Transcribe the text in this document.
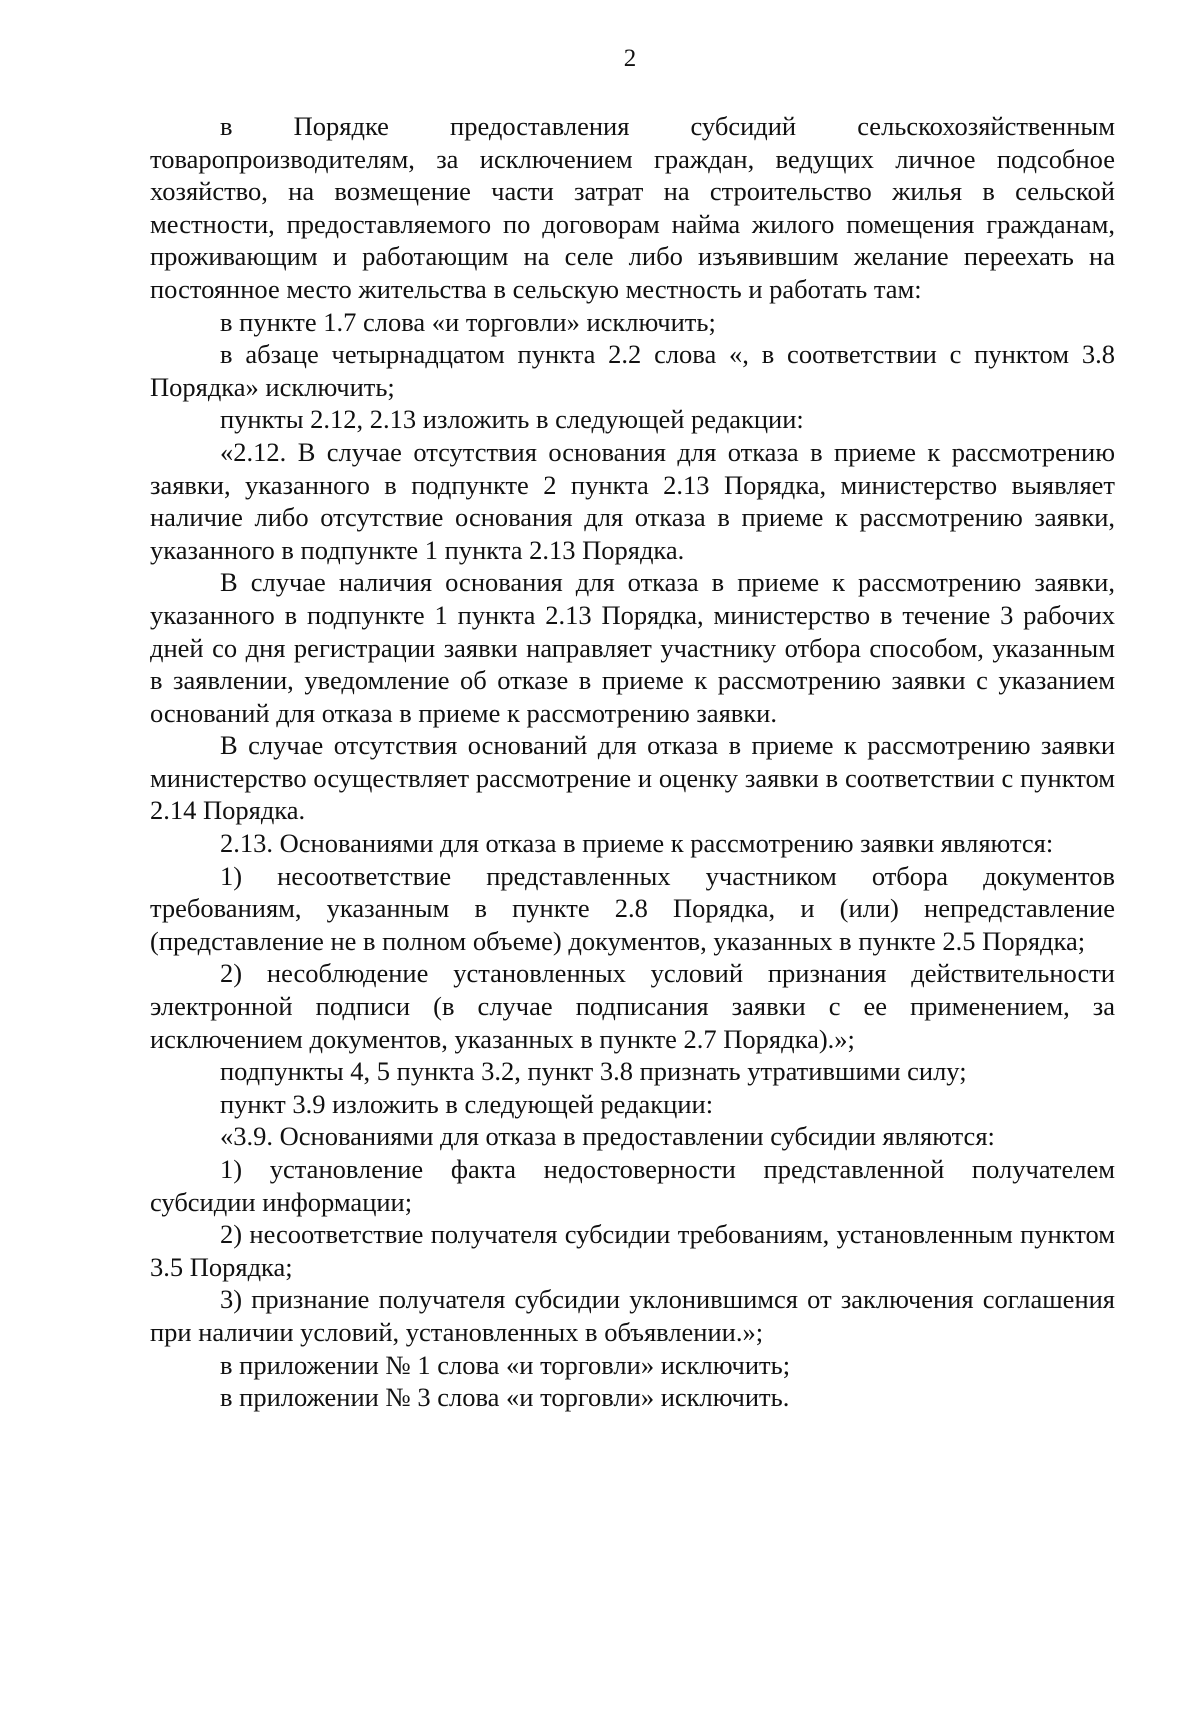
2

в Порядке предоставления субсидий сельскохозяйственным товаропроизводителям, за исключением граждан, ведущих личное подсобное хозяйство, на возмещение части затрат на строительство жилья в сельской местности, предоставляемого по договорам найма жилого помещения гражданам, проживающим и работающим на селе либо изъявившим желание переехать на постоянное место жительства в сельскую местность и работать там:

в пункте 1.7 слова «и торговли» исключить;

в абзаце четырнадцатом пункта 2.2 слова «, в соответствии с пунктом 3.8 Порядка» исключить;

пункты 2.12, 2.13 изложить в следующей редакции:

«2.12. В случае отсутствия основания для отказа в приеме к рассмотрению заявки, указанного в подпункте 2 пункта 2.13 Порядка, министерство выявляет наличие либо отсутствие основания для отказа в приеме к рассмотрению заявки, указанного в подпункте 1 пункта 2.13 Порядка.

В случае наличия основания для отказа в приеме к рассмотрению заявки, указанного в подпункте 1 пункта 2.13 Порядка, министерство в течение 3 рабочих дней со дня регистрации заявки направляет участнику отбора способом, указанным в заявлении, уведомление об отказе в приеме к рассмотрению заявки с указанием оснований для отказа в приеме к рассмотрению заявки.

В случае отсутствия оснований для отказа в приеме к рассмотрению заявки министерство осуществляет рассмотрение и оценку заявки в соответствии с пунктом 2.14 Порядка.

2.13. Основаниями для отказа в приеме к рассмотрению заявки являются:

1) несоответствие представленных участником отбора документов требованиям, указанным в пункте 2.8 Порядка, и (или) непредставление (представление не в полном объеме) документов, указанных в пункте 2.5 Порядка;

2) несоблюдение установленных условий признания действительности электронной подписи (в случае подписания заявки с ее применением, за исключением документов, указанных в пункте 2.7 Порядка).»;

подпункты 4, 5 пункта 3.2, пункт 3.8 признать утратившими силу;

пункт 3.9 изложить в следующей редакции:

«3.9. Основаниями для отказа в предоставлении субсидии являются:

1) установление факта недостоверности представленной получателем субсидии информации;

2) несоответствие получателя субсидии требованиям, установленным пунктом 3.5 Порядка;

3) признание получателя субсидии уклонившимся от заключения соглашения при наличии условий, установленных в объявлении.»;

в приложении № 1 слова «и торговли» исключить;

в приложении № 3 слова «и торговли» исключить.
